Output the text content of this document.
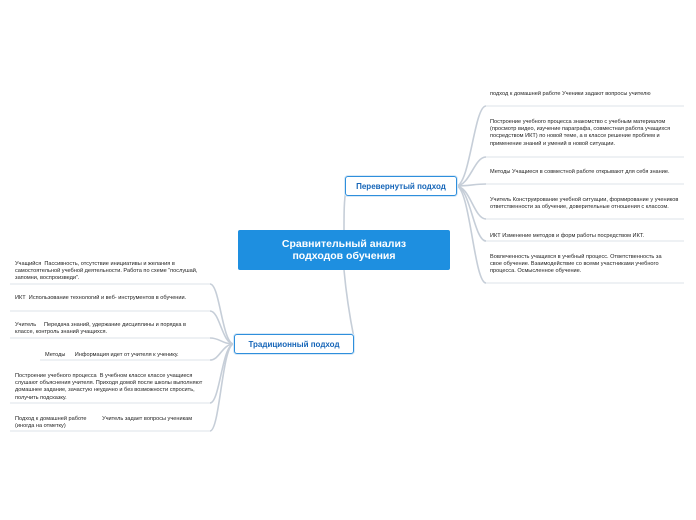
Сравнительный анализ
подходов обучения
Перевернутый подход
Традиционный подход
подход к домашней работе Ученики задают вопросы учителю
Построение учебного процесса знакомство с учебным материалом (просмотр видео, изучение параграфа, совместная работа учащихся посредством ИКТ) по новой теме, а в классе решение проблем и применение знаний и умений в новой ситуации.
Методы Учащиеся в совместной работе открывают для себя знание.
Учитель Конструирование учебной ситуации, формирование у учеников ответственности за обучение, доверительные отношения с классом.
ИКТ Изменение методов и форм работы посредством ИКТ.
Вовлеченность учащихся в учебный процесс. Ответственность за свое обучение. Взаимодействие со всеми участниками учебного процесса. Осмысленное обучение.
Учащийся  Пассивность, отсутствие инициативы и желания в самостоятельной учебной деятельности. Работа по схеме “послушай, запомни, воспроизведи”.
ИКТ  Использование технологий и веб- инструментов в обучении.
Учитель     Передача знаний, удержание дисциплины и порядка в классе, контроль знаний учащихся.
Методы      Информация идет от учителя к ученику.
Построение учебного процесса  В учебном классе классе учащиеся слушают объяснения учителя. Приходя домой после школы выполняют домашнее задание, зачастую неудачно и без возможности спросить, получить подсказку.
Подход к домашней работе          Учитель задает вопросы ученикам (иногда на отметку)
